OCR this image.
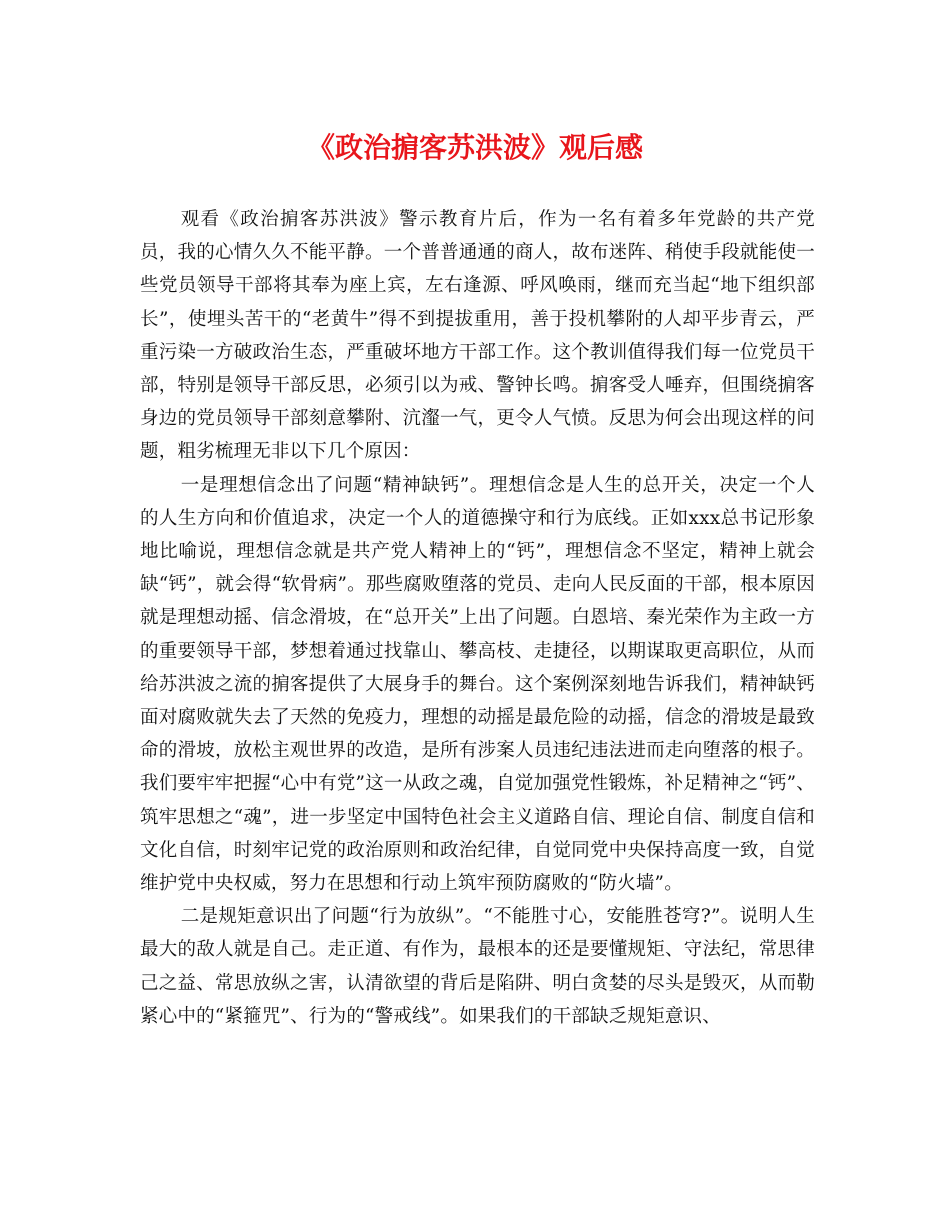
《政治掮客苏洪波》观后感

观看《政治掮客苏洪波》警示教育片后，作为一名有着多年党龄的共产党员，我的心情久久不能平静。一个普普通通的商人，故布迷阵、稍使手段就能使一些党员领导干部将其奉为座上宾，左右逢源、呼风唤雨，继而充当起“地下组织部长”，使埋头苦干的“老黄牛”得不到提拔重用，善于投机攀附的人却平步青云，严重污染一方破政治生态，严重破坏地方干部工作。这个教训值得我们每一位党员干部，特别是领导干部反思，必须引以为戒、警钟长鸣。掮客受人唾弃，但围绕掮客身边的党员领导干部刻意攀附、沆瀣一气，更令人气愤。反思为何会出现这样的问题，粗劣梳理无非以下几个原因：

一是理想信念出了问题“精神缺钙”。理想信念是人生的总开关，决定一个人的人生方向和价值追求，决定一个人的道德操守和行为底线。正如xxx总书记形象地比喻说，理想信念就是共产党人精神上的“钙”，理想信念不坚定，精神上就会缺“钙”，就会得“软骨病”。那些腐败堕落的党员、走向人民反面的干部，根本原因就是理想动摇、信念滑坡，在“总开关”上出了问题。白恩培、秦光荣作为主政一方的重要领导干部，梦想着通过找靠山、攀高枝、走捷径，以期谋取更高职位，从而给苏洪波之流的掮客提供了大展身手的舞台。这个案例深刻地告诉我们，精神缺钙面对腐败就失去了天然的免疫力，理想的动摇是最危险的动摇，信念的滑坡是最致命的滑坡，放松主观世界的改造，是所有涉案人员违纪违法进而走向堕落的根子。我们要牢牢把握“心中有党”这一从政之魂，自觉加强党性锻炼，补足精神之“钙”、筑牢思想之“魂”，进一步坚定中国特色社会主义道路自信、理论自信、制度自信和文化自信，时刻牢记党的政治原则和政治纪律，自觉同党中央保持高度一致，自觉维护党中央权威，努力在思想和行动上筑牢预防腐败的“防火墙”。

二是规矩意识出了问题“行为放纵”。“不能胜寸心，安能胜苍穹?”。说明人生最大的敌人就是自己。走正道、有作为，最根本的还是要懂规矩、守法纪，常思律己之益、常思放纵之害，认清欲望的背后是陷阱、明白贪婪的尽头是毁灭，从而勒紧心中的“紧箍咒”、行为的“警戒线”。如果我们的干部缺乏规矩意识、
